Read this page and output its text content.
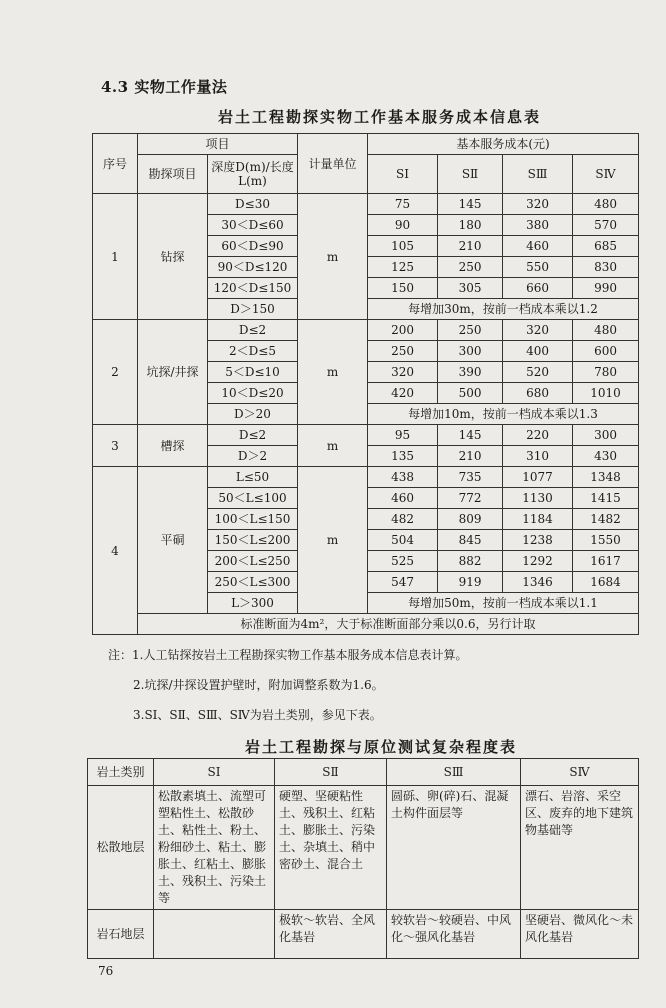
4.3 实物工作量法
岩土工程勘探实物工作基本服务成本信息表
序号	项目		计量单位	基本服务成本(元)			
	勘探项目	深度D(m)/长度L(m)		SⅠ	SⅡ	SⅢ	SⅣ
1	钻探	D≤30	m	75	145	320	480
		30＜D≤60		90	180	380	570
		60＜D≤90		105	210	460	685
		90＜D≤120		125	250	550	830
		120＜D≤150		150	305	660	990
		D＞150		每增加30m，按前一档成本乘以1.2			
2	坑探/井探	D≤2	m	200	250	320	480
		2＜D≤5		250	300	400	600
		5＜D≤10		320	390	520	780
		10＜D≤20		420	500	680	1010
		D＞20		每增加10m，按前一档成本乘以1.3			
3	槽探	D≤2	m	95	145	220	300
		D＞2		135	210	310	430
4	平硐	L≤50	m	438	735	1077	1348
		50＜L≤100		460	772	1130	1415
		100＜L≤150		482	809	1184	1482
		150＜L≤200		504	845	1238	1550
		200＜L≤250		525	882	1292	1617
		250＜L≤300		547	919	1346	1684
		L＞300		每增加50m，按前一档成本乘以1.1			
	标准断面为4m²，大于标准断面部分乘以0.6，另行计取						
注：1.人工钻探按岩土工程勘探实物工作基本服务成本信息表计算。
2.坑探/井探设置护壁时，附加调整系数为1.6。
3.SⅠ、SⅡ、SⅢ、SⅣ为岩土类别，参见下表。
岩土工程勘探与原位测试复杂程度表
岩土类别	SⅠ	SⅡ	SⅢ	SⅣ
松散地层	松散素填土、流塑可塑粘性土、松散砂土、粘性土、粉土、粉细砂土、粘土、膨胀土、红粘土、膨胀土、残积土、污染土等	硬塑、坚硬粘性土、残积土、红粘土、膨胀土、污染土、杂填土、稍中密砂土、混合土	圆砾、卵(碎)石、混凝土构件面层等	漂石、岩溶、采空区、废弃的地下建筑物基础等
岩石地层		极软～软岩、全风化基岩	较软岩～较硬岩、中风化～强风化基岩	坚硬岩、微风化～未风化基岩
76
